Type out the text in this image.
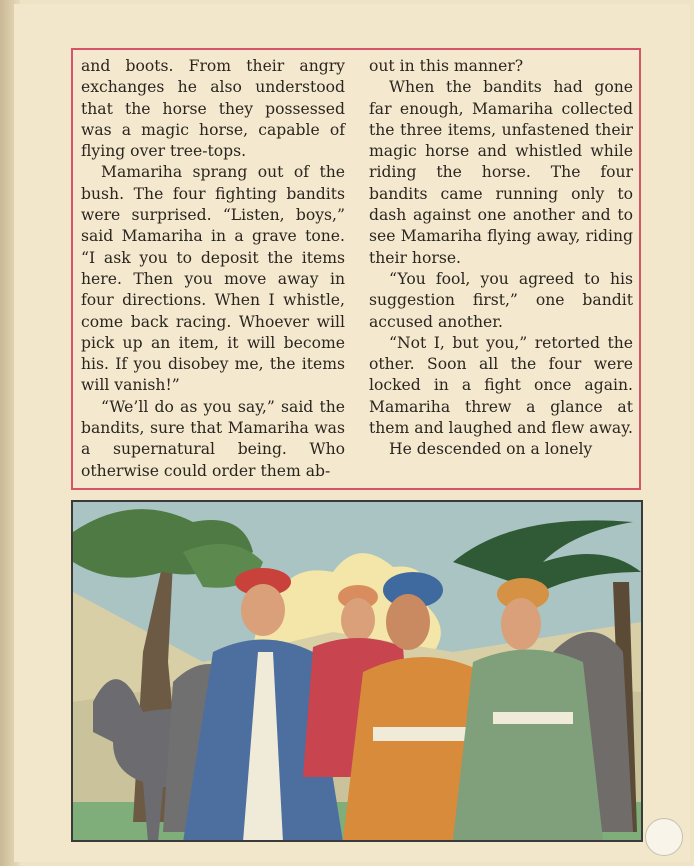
and boots. From their angry exchanges he also understood that the horse they possessed was a magic horse, capable of flying over tree-tops.

Mamariha sprang out of the bush. The four fighting bandits were surprised. “Listen, boys,” said Mamariha in a grave tone. “I ask you to deposit the items here. Then you move away in four directions. When I whistle, come back racing. Whoever will pick up an item, it will become his. If you disobey me, the items will vanish!”

“We’ll do as you say,” said the bandits, sure that Mamariha was a supernatural being. Who otherwise could order them ab-

out in this manner?

When the bandits had gone far enough, Mamariha collected the three items, unfastened their magic horse and whistled while riding the horse. The four bandits came running only to dash against one another and to see Mamariha flying away, riding their horse.

“You fool, you agreed to his suggestion first,” one bandit accused another.

“Not I, but you,” retorted the other. Soon all the four were locked in a fight once again. Mamariha threw a glance at them and laughed and flew away.

He descended on a lonely
